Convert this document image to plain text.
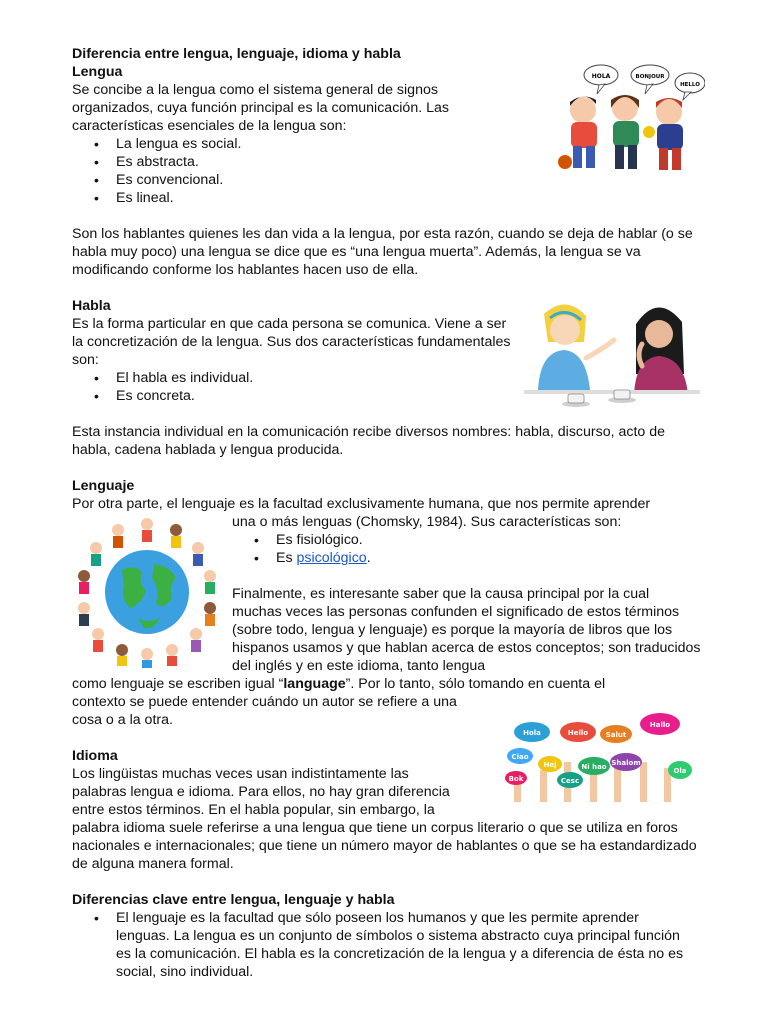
Diferencia entre lengua, lenguaje, idioma y habla
Lengua

Se concibe a la lengua como el sistema general de signos organizados, cuya función principal es la comunicación. Las características esenciales de la lengua son:

• La lengua es social.
• Es abstracta.
• Es convencional.
• Es lineal.

Son los hablantes quienes les dan vida a la lengua, por esta razón, cuando se deja de hablar (o se habla muy poco) una lengua se dice que es “una lengua muerta”. Además, la lengua se va modificando conforme los hablantes hacen uso de ella.

Habla

Es la forma particular en que cada persona se comunica. Viene a ser la concretización de la lengua. Sus dos características fundamentales son:

• El habla es individual.
• Es concreta.

Esta instancia individual en la comunicación recibe diversos nombres: habla, discurso, acto de habla, cadena hablada y lengua producida.

Lenguaje

Por otra parte, el lenguaje es la facultad exclusivamente humana, que nos permite aprender

una o más lenguas (Chomsky, 1984). Sus características son:

• Es fisiológico.
• Es psicológico.

Finalmente, es interesante saber que la causa principal por la cual muchas veces las personas confunden el significado de estos términos (sobre todo, lengua y lenguaje) es porque la mayoría de libros que los hispanos usamos y que hablan acerca de estos conceptos; son traducidos del inglés y en este idioma, tanto lengua

como lenguaje se escriben igual “language”. Por lo tanto, sólo tomando en cuenta el

contexto se puede entender cuándo un autor se refiere a una cosa o a la otra.

Idioma

Los lingüistas muchas veces usan indistintamente las palabras lengua e idioma. Para ellos, no hay gran diferencia entre estos términos. En el habla popular, sin embargo, la

palabra idioma suele referirse a una lengua que tiene un corpus literario o que se utiliza en foros nacionales e internacionales; que tiene un número mayor de hablantes o que se ha estandardizado de alguna manera formal.

Diferencias clave entre lengua, lenguaje y habla
• El lenguaje es la facultad que sólo poseen los humanos y que les permite aprender lenguas. La lengua es un conjunto de símbolos o sistema abstracto cuya principal función es la comunicación. El habla es la concretización de la lengua y a diferencia de ésta no es social, sino individual.
HOLA	BONJOUR
HELLO
Hola	Hello	Salut
Hallo
Ciao
Hej	Ni hao Shalom
Ola
Bok	Cesc
